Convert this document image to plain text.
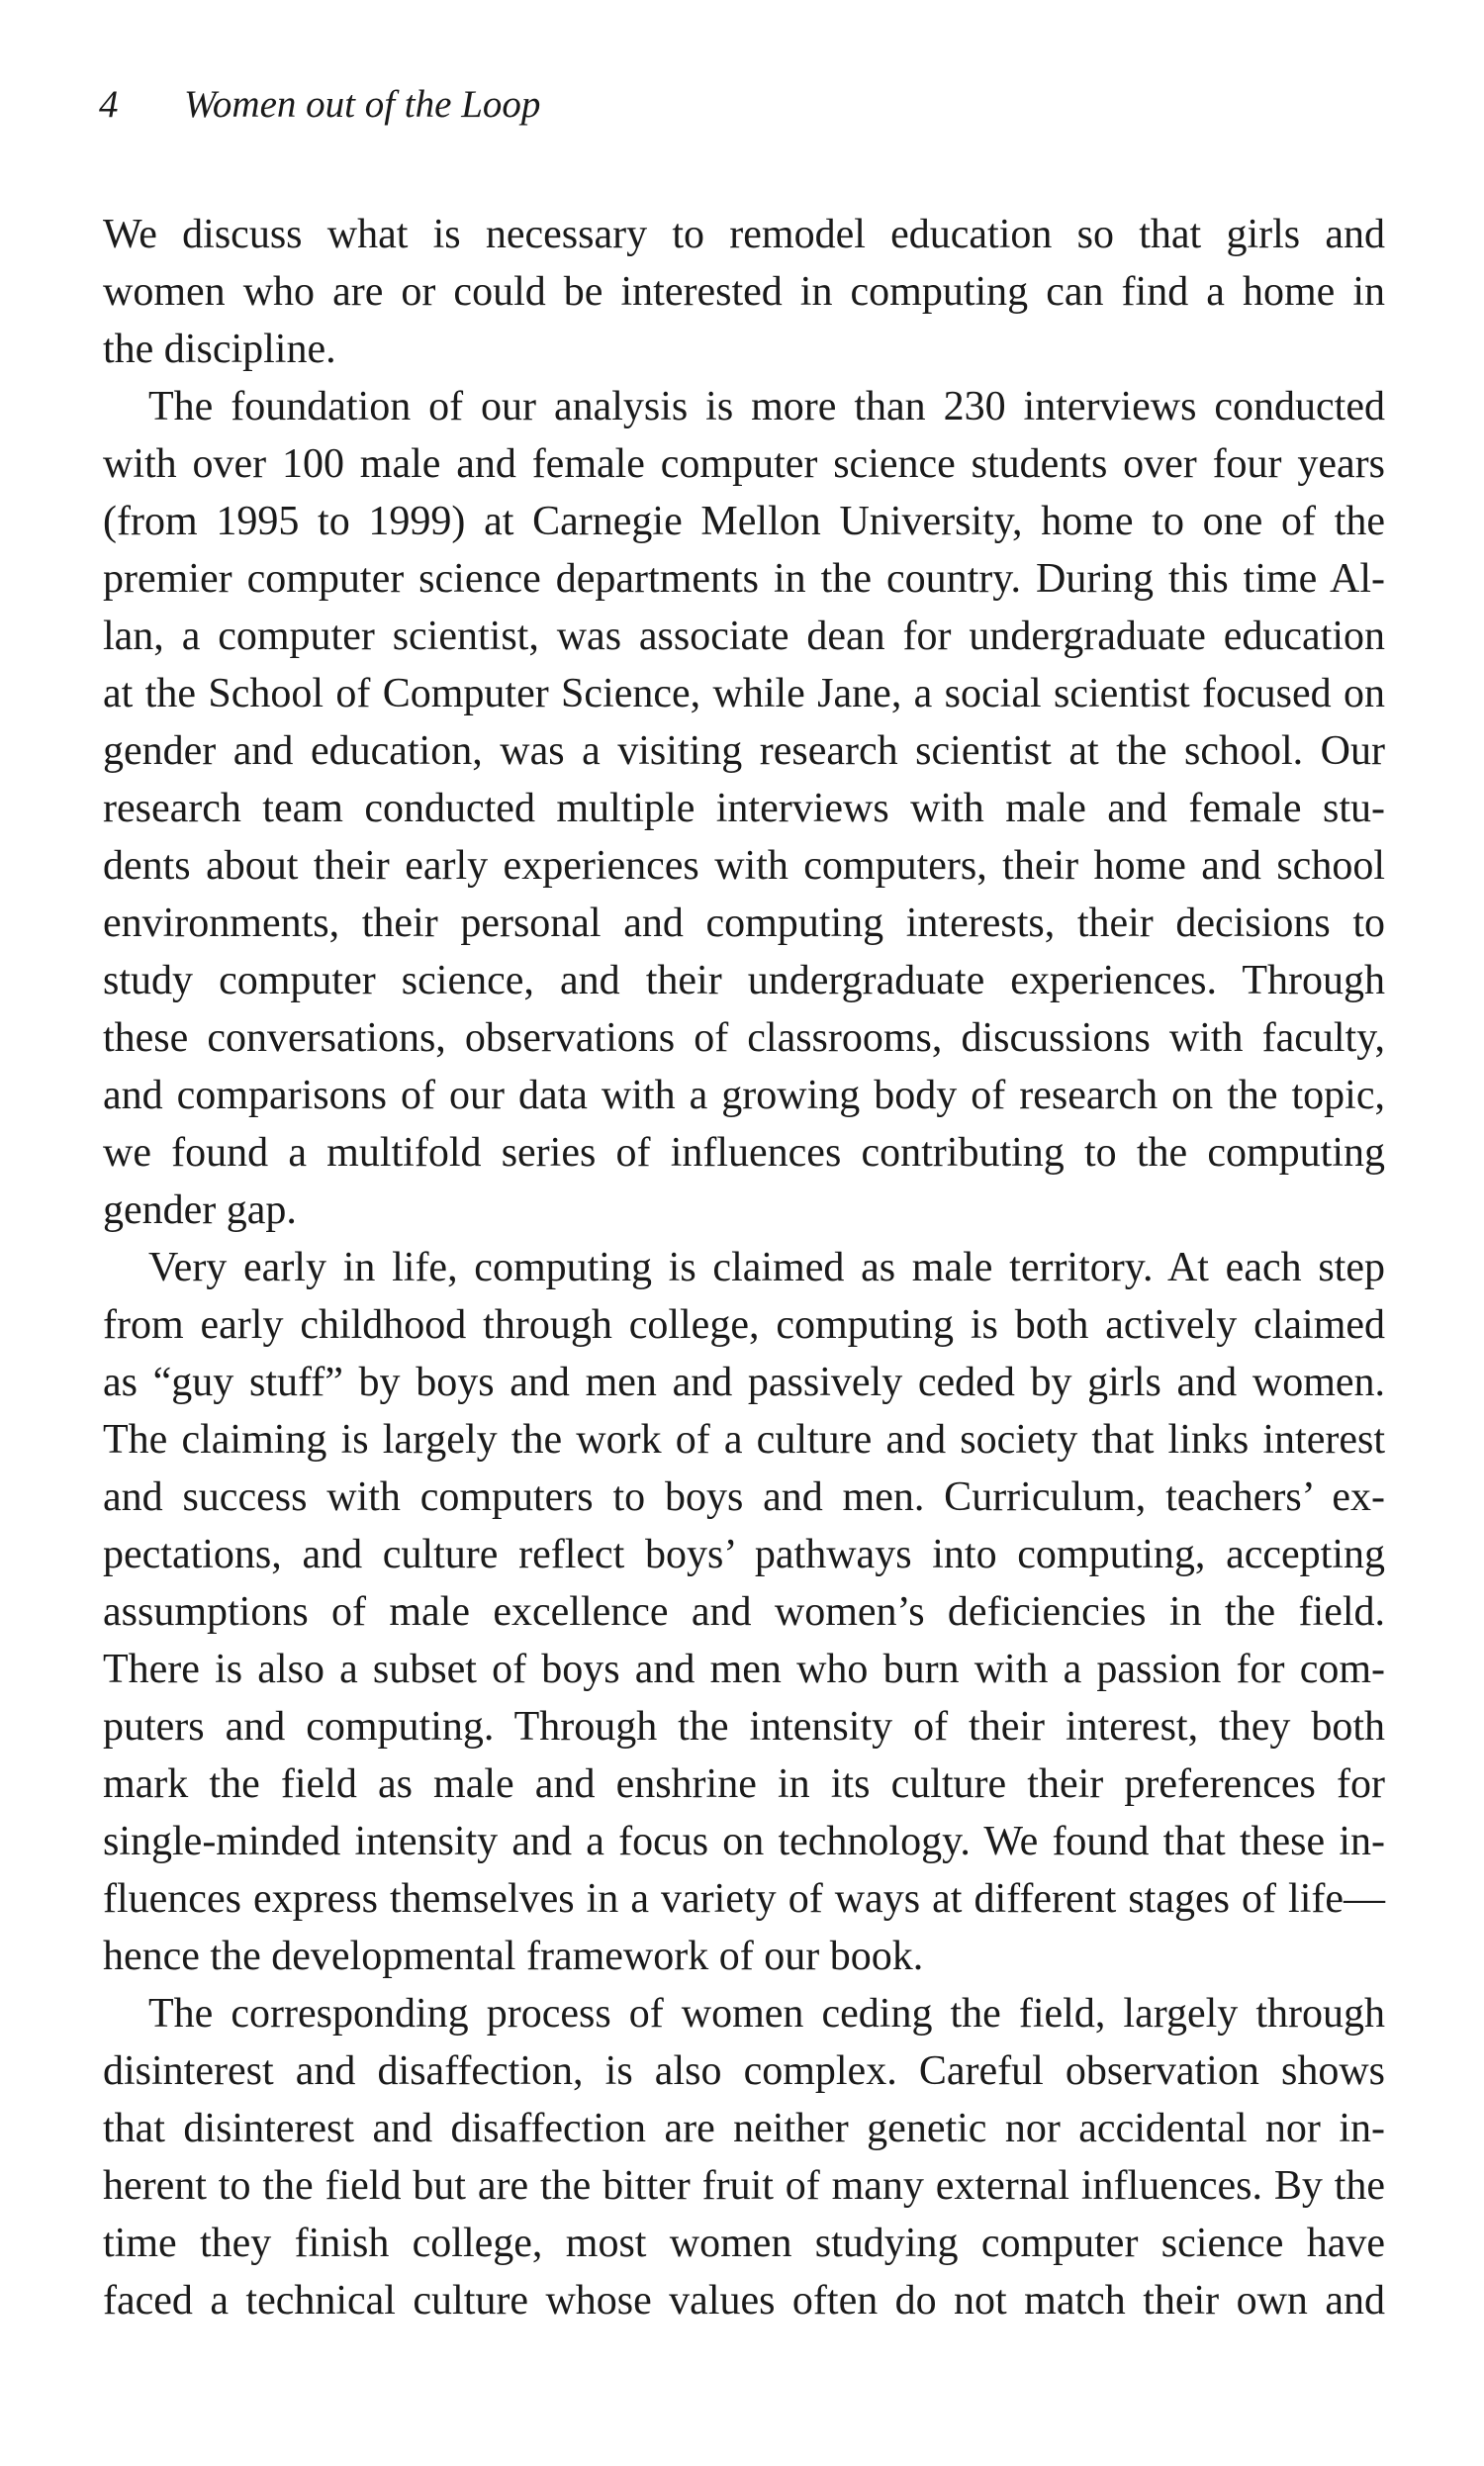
4 Women out of the Loop
We discuss what is necessary to remodel education so that girls and
women who are or could be interested in computing can find a home in
the discipline.
The foundation of our analysis is more than 230 interviews conducted
with over 100 male and female computer science students over four years
(from 1995 to 1999) at Carnegie Mellon University, home to one of the
premier computer science departments in the country. During this time Al-
lan, a computer scientist, was associate dean for undergraduate education
at the School of Computer Science, while Jane, a social scientist focused on
gender and education, was a visiting research scientist at the school. Our
research team conducted multiple interviews with male and female stu-
dents about their early experiences with computers, their home and school
environments, their personal and computing interests, their decisions to
study computer science, and their undergraduate experiences. Through
these conversations, observations of classrooms, discussions with faculty,
and comparisons of our data with a growing body of research on the topic,
we found a multifold series of influences contributing to the computing
gender gap.
Very early in life, computing is claimed as male territory. At each step
from early childhood through college, computing is both actively claimed
as “guy stuff” by boys and men and passively ceded by girls and women.
The claiming is largely the work of a culture and society that links interest
and success with computers to boys and men. Curriculum, teachers’ ex-
pectations, and culture reflect boys’ pathways into computing, accepting
assumptions of male excellence and women’s deficiencies in the field.
There is also a subset of boys and men who burn with a passion for com-
puters and computing. Through the intensity of their interest, they both
mark the field as male and enshrine in its culture their preferences for
single-minded intensity and a focus on technology. We found that these in-
fluences express themselves in a variety of ways at different stages of life—
hence the developmental framework of our book.
The corresponding process of women ceding the field, largely through
disinterest and disaffection, is also complex. Careful observation shows
that disinterest and disaffection are neither genetic nor accidental nor in-
herent to the field but are the bitter fruit of many external influences. By the
time they finish college, most women studying computer science have
faced a technical culture whose values often do not match their own and
